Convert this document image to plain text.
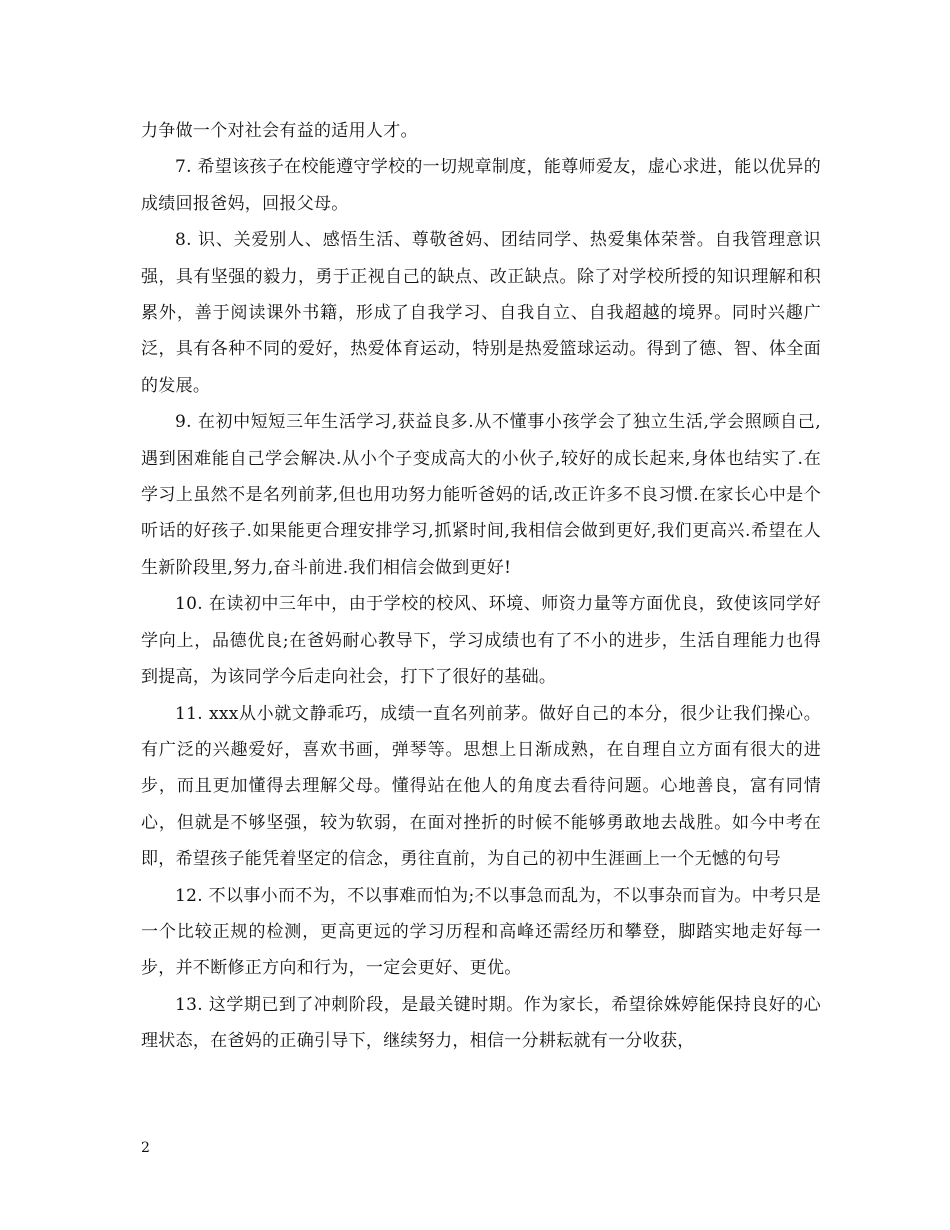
力争做一个对社会有益的适用人才。

7. 希望该孩子在校能遵守学校的一切规章制度，能尊师爱友，虚心求进，能以优异的成绩回报爸妈，回报父母。

8. 识、关爱别人、感悟生活、尊敬爸妈、团结同学、热爱集体荣誉。自我管理意识强，具有坚强的毅力，勇于正视自己的缺点、改正缺点。除了对学校所授的知识理解和积累外，善于阅读课外书籍，形成了自我学习、自我自立、自我超越的境界。同时兴趣广泛，具有各种不同的爱好，热爱体育运动，特别是热爱篮球运动。得到了德、智、体全面的发展。

9. 在初中短短三年生活学习,获益良多.从不懂事小孩学会了独立生活,学会照顾自己,遇到困难能自己学会解决.从小个子变成高大的小伙子,较好的成长起来,身体也结实了.在学习上虽然不是名列前茅,但也用功努力能听爸妈的话,改正许多不良习惯.在家长心中是个听话的好孩子.如果能更合理安排学习,抓紧时间,我相信会做到更好,我们更高兴.希望在人生新阶段里,努力,奋斗前进.我们相信会做到更好!

10. 在读初中三年中，由于学校的校风、环境、师资力量等方面优良，致使该同学好学向上，品德优良;在爸妈耐心教导下，学习成绩也有了不小的进步，生活自理能力也得到提高，为该同学今后走向社会，打下了很好的基础。

11. xxx从小就文静乖巧，成绩一直名列前茅。做好自己的本分，很少让我们操心。有广泛的兴趣爱好，喜欢书画，弹琴等。思想上日渐成熟，在自理自立方面有很大的进步，而且更加懂得去理解父母。懂得站在他人的角度去看待问题。心地善良，富有同情心，但就是不够坚强，较为软弱，在面对挫折的时候不能够勇敢地去战胜。如今中考在即，希望孩子能凭着坚定的信念，勇往直前，为自己的初中生涯画上一个无憾的句号

12. 不以事小而不为，不以事难而怕为;不以事急而乱为，不以事杂而盲为。中考只是一个比较正规的检测，更高更远的学习历程和高峰还需经历和攀登，脚踏实地走好每一步，并不断修正方向和行为，一定会更好、更优。

13. 这学期已到了冲刺阶段，是最关键时期。作为家长，希望徐姝婷能保持良好的心理状态，在爸妈的正确引导下，继续努力，相信一分耕耘就有一分收获，

2
